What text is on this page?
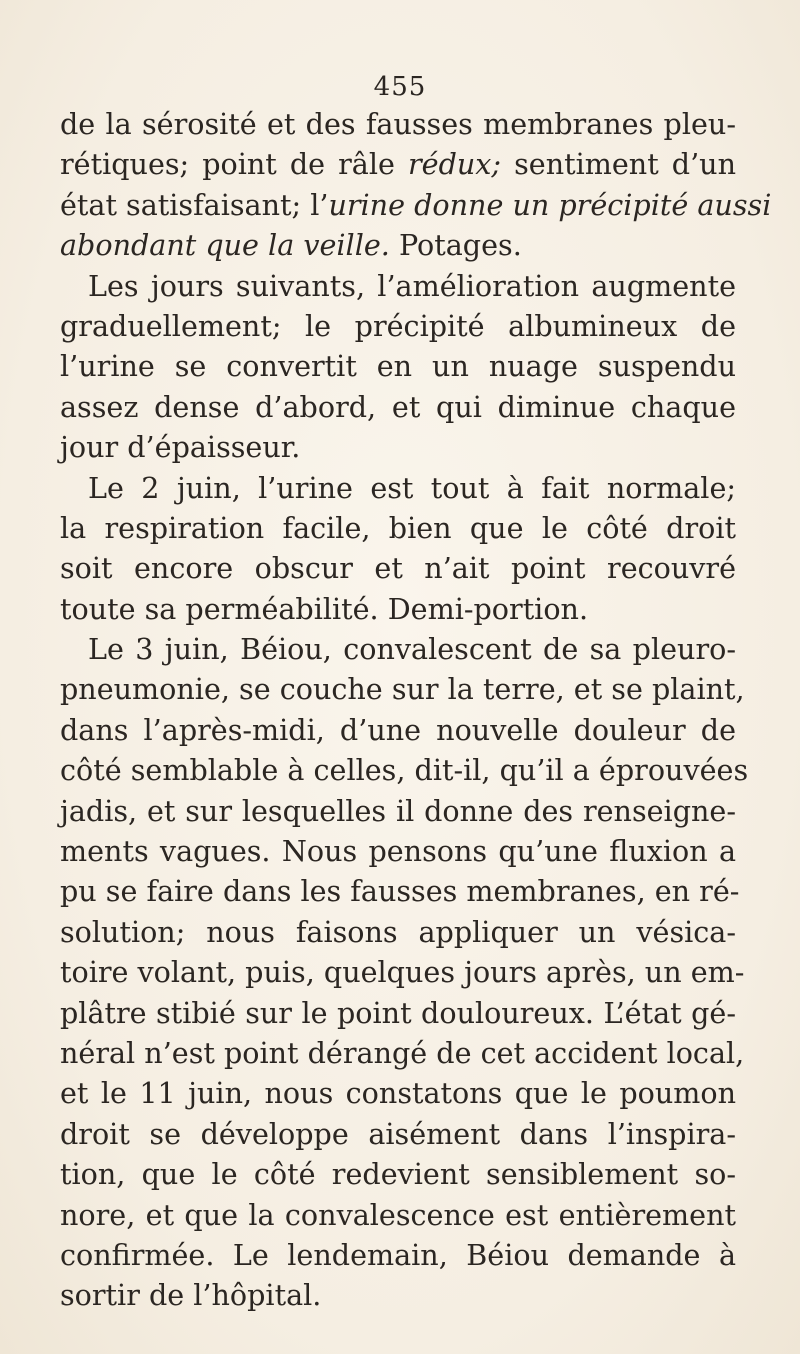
455
de la sérosité et des fausses membranes pleu-
rétiques; point de râle rédux; sentiment d’un
état satisfaisant; l’urine donne un précipité aussi
abondant que la veille. Potages.
Les jours suivants, l’amélioration augmente
graduellement; le précipité albumineux de
l’urine se convertit en un nuage suspendu
assez dense d’abord, et qui diminue chaque
jour d’épaisseur.
Le 2 juin, l’urine est tout à fait normale;
la respiration facile, bien que le côté droit
soit encore obscur et n’ait point recouvré
toute sa perméabilité. Demi-portion.
Le 3 juin, Béiou, convalescent de sa pleuro-
pneumonie, se couche sur la terre, et se plaint,
dans l’après-midi, d’une nouvelle douleur de
côté semblable à celles, dit-il, qu’il a éprouvées
jadis, et sur lesquelles il donne des renseigne-
ments vagues. Nous pensons qu’une fluxion a
pu se faire dans les fausses membranes, en ré-
solution; nous faisons appliquer un vésica-
toire volant, puis, quelques jours après, un em-
plâtre stibié sur le point douloureux. L’état gé-
néral n’est point dérangé de cet accident local,
et le 11 juin, nous constatons que le poumon
droit se développe aisément dans l’inspira-
tion, que le côté redevient sensiblement so-
nore, et que la convalescence est entièrement
confirmée. Le lendemain, Béiou demande à
sortir de l’hôpital.
